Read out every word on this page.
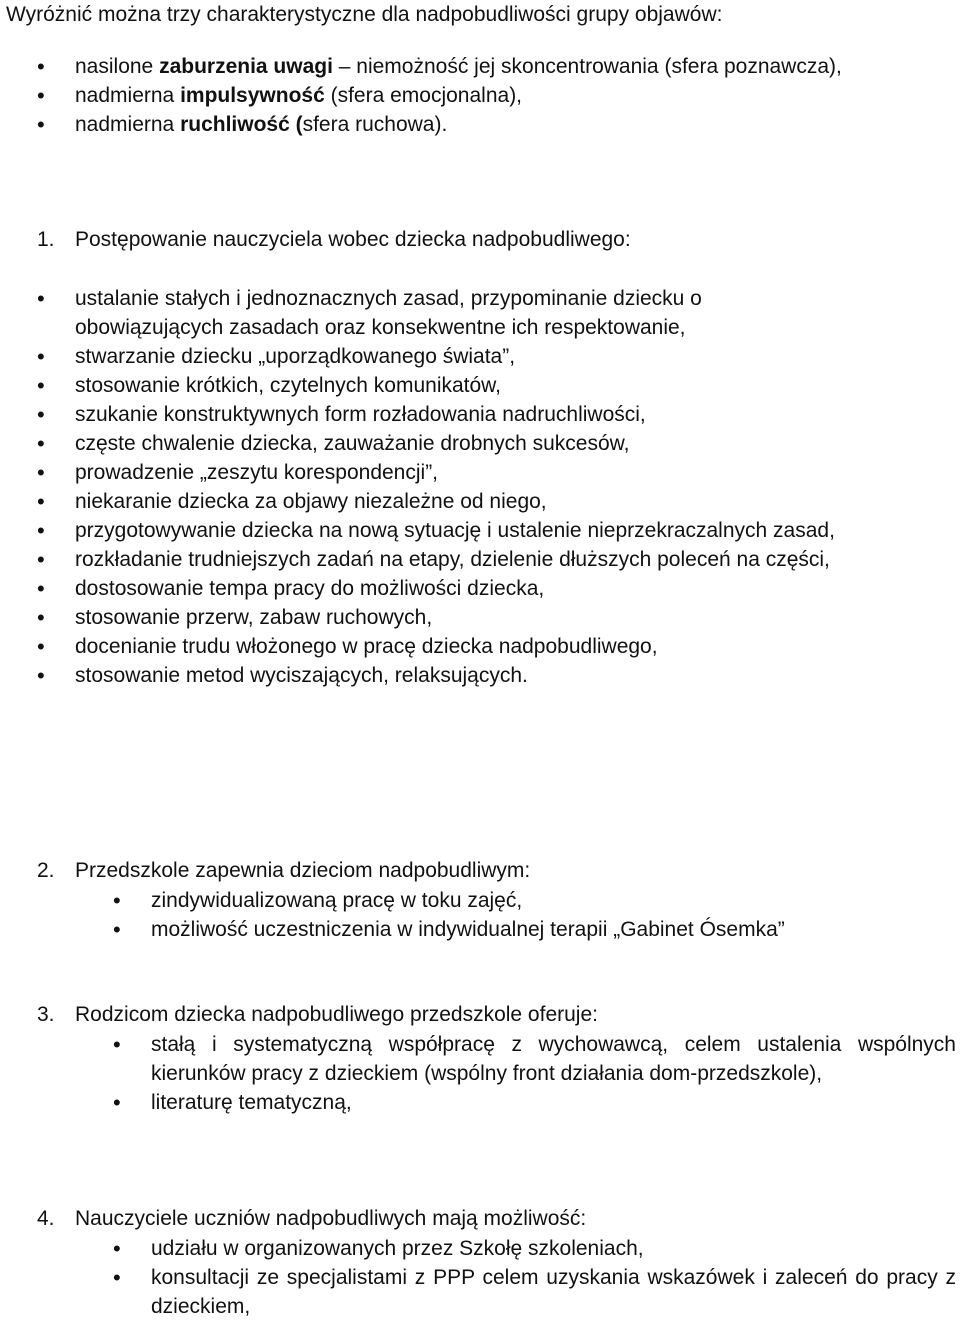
Wyróżnić można trzy charakterystyczne dla nadpobudliwości grupy objawów:
• nasilone zaburzenia uwagi – niemożność jej skoncentrowania (sfera poznawcza),
• nadmierna impulsywność (sfera emocjonalna),
• nadmierna ruchliwość (sfera ruchowa).
1. Postępowanie nauczyciela wobec dziecka nadpobudliwego:
• ustalanie stałych i jednoznacznych zasad, przypominanie dziecku o
obowiązujących zasadach oraz konsekwentne ich respektowanie,
• stwarzanie dziecku „uporządkowanego świata”,
• stosowanie krótkich, czytelnych komunikatów,
• szukanie konstruktywnych form rozładowania nadruchliwości,
• częste chwalenie dziecka, zauważanie drobnych sukcesów,
• prowadzenie „zeszytu korespondencji”,
• niekaranie dziecka za objawy niezależne od niego,
• przygotowywanie dziecka na nową sytuację i ustalenie nieprzekraczalnych zasad,
• rozkładanie trudniejszych zadań na etapy, dzielenie dłuższych poleceń na części,
• dostosowanie tempa pracy do możliwości dziecka,
• stosowanie przerw, zabaw ruchowych,
• docenianie trudu włożonego w pracę dziecka nadpobudliwego,
• stosowanie metod wyciszających, relaksujących.
2. Przedszkole zapewnia dzieciom nadpobudliwym:
• zindywidualizowaną pracę w toku zajęć,
• możliwość uczestniczenia w indywidualnej terapii „Gabinet Ósemka”
3. Rodzicom dziecka nadpobudliwego przedszkole oferuje:
• stałą i systematyczną współpracę z wychowawcą, celem ustalenia wspólnych kierunków pracy z dzieckiem (wspólny front działania dom-przedszkole),
• literaturę tematyczną,
4. Nauczyciele uczniów nadpobudliwych mają możliwość:
• udziału w organizowanych przez Szkołę szkoleniach,
• konsultacji ze specjalistami z PPP celem uzyskania wskazówek i zaleceń do pracy z dzieckiem,
